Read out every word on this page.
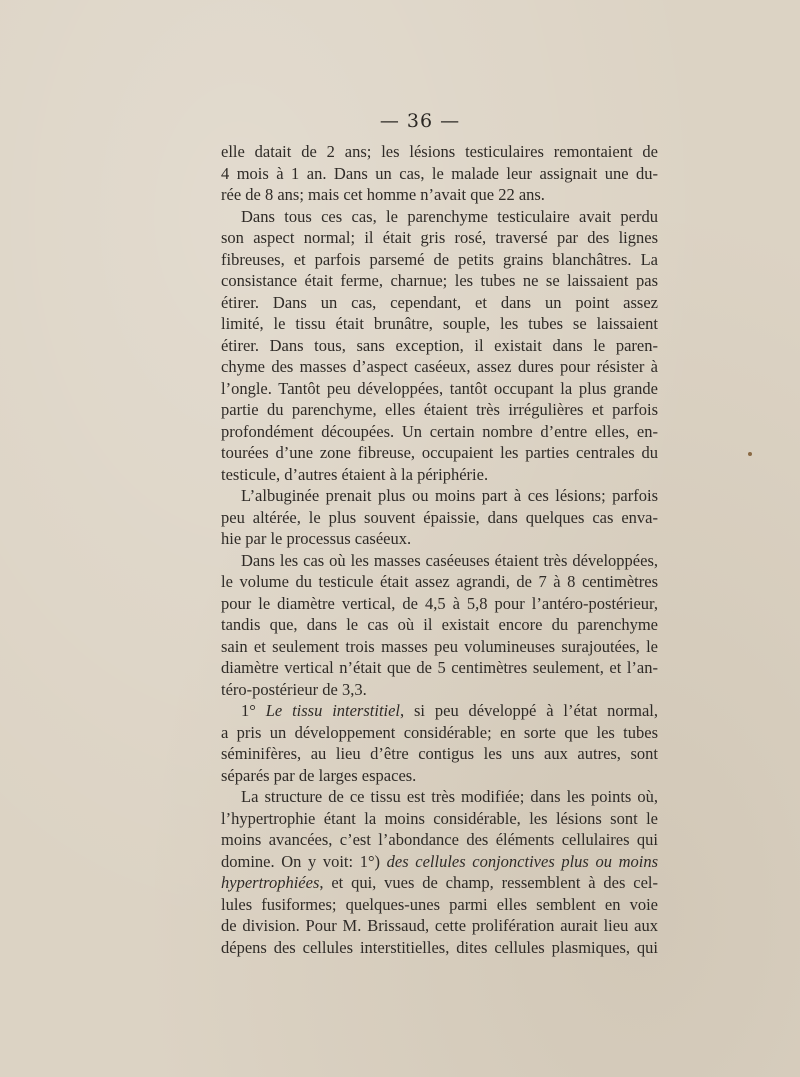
— 36 —
elle datait de 2 ans; les lésions testiculaires remontaient de
4 mois à 1 an. Dans un cas, le malade leur assignait une du-
rée de 8 ans; mais cet homme n’avait que 22 ans.
Dans tous ces cas, le parenchyme testiculaire avait perdu
son aspect normal; il était gris rosé, traversé par des lignes
fibreuses, et parfois parsemé de petits grains blanchâtres. La
consistance était ferme, charnue; les tubes ne se laissaient pas
étirer. Dans un cas, cependant, et dans un point assez
limité, le tissu était brunâtre, souple, les tubes se laissaient
étirer. Dans tous, sans exception, il existait dans le paren-
chyme des masses d’aspect caséeux, assez dures pour résister à
l’ongle. Tantôt peu développées, tantôt occupant la plus grande
partie du parenchyme, elles étaient très irrégulières et parfois
profondément découpées. Un certain nombre d’entre elles, en-
tourées d’une zone fibreuse, occupaient les parties centrales du
testicule, d’autres étaient à la périphérie.
L’albuginée prenait plus ou moins part à ces lésions; parfois
peu altérée, le plus souvent épaissie, dans quelques cas enva-
hie par le processus caséeux.
Dans les cas où les masses caséeuses étaient très développées,
le volume du testicule était assez agrandi, de 7 à 8 centimètres
pour le diamètre vertical, de 4,5 à 5,8 pour l’antéro-postérieur,
tandis que, dans le cas où il existait encore du parenchyme
sain et seulement trois masses peu volumineuses surajoutées, le
diamètre vertical n’était que de 5 centimètres seulement, et l’an-
téro-postérieur de 3,3.
1° Le tissu interstitiel, si peu développé à l’état normal,
a pris un développement considérable; en sorte que les tubes
séminifères, au lieu d’être contigus les uns aux autres, sont
séparés par de larges espaces.
La structure de ce tissu est très modifiée; dans les points où,
l’hypertrophie étant la moins considérable, les lésions sont le
moins avancées, c’est l’abondance des éléments cellulaires qui
domine. On y voit: 1°) des cellules conjonctives plus ou moins
hypertrophiées, et qui, vues de champ, ressemblent à des cel-
lules fusiformes; quelques-unes parmi elles semblent en voie
de division. Pour M. Brissaud, cette prolifération aurait lieu aux
dépens des cellules interstitielles, dites cellules plasmiques, qui
